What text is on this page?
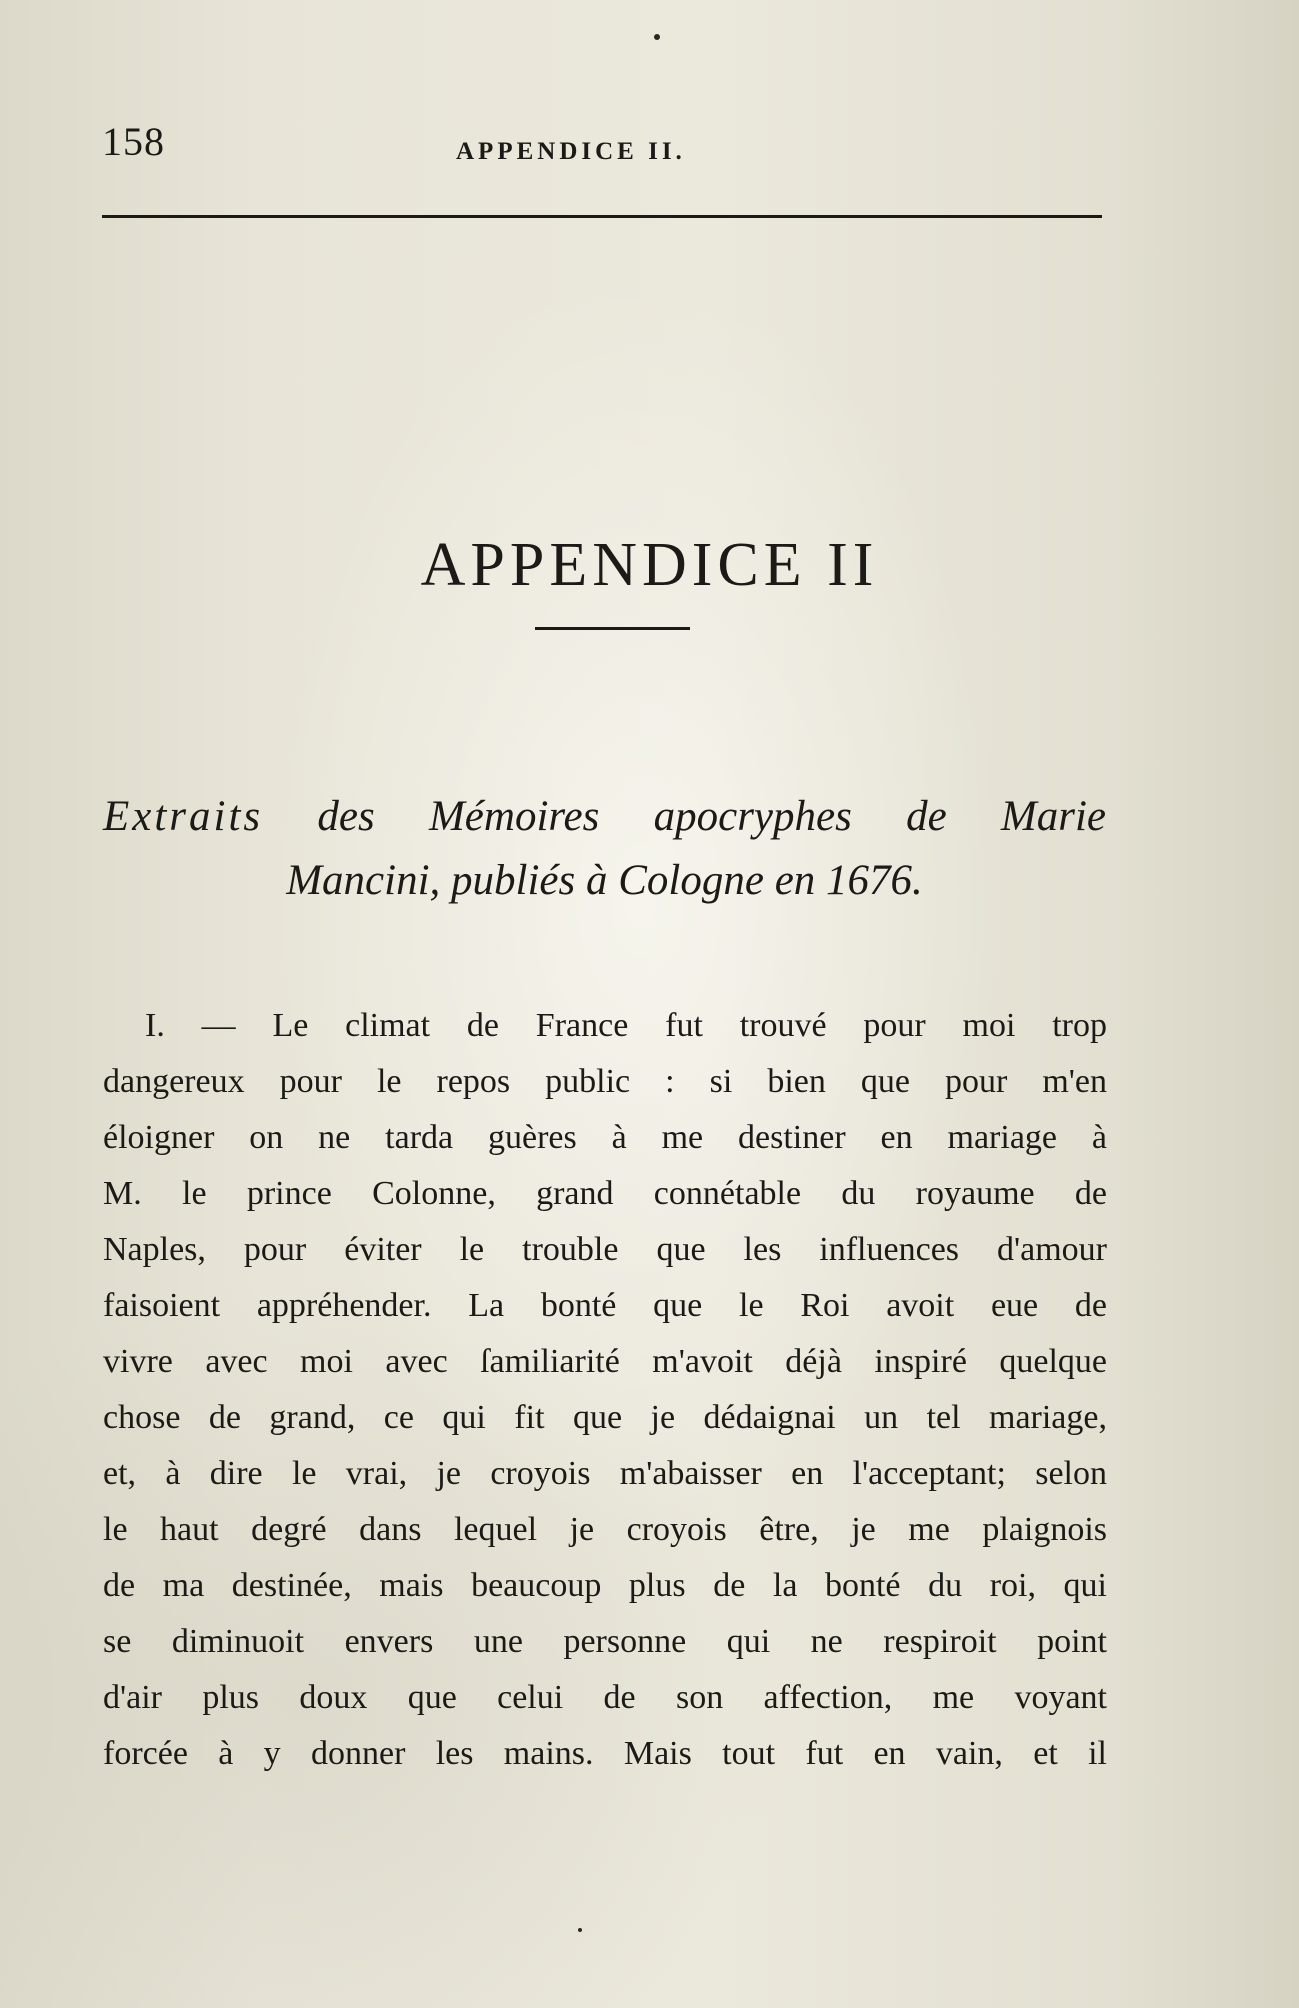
158	APPENDICE II.
APPENDICE II
Extraits des Mémoires apocryphes de Marie
Mancini, publiés à Cologne en 1676.
I. — Le climat de France fut trouvé pour moi trop
dangereux pour le repos public : si bien que pour m'en
éloigner on ne tarda guères à me destiner en mariage à
M. le prince Colonne, grand connétable du royaume de
Naples, pour éviter le trouble que les influences d'amour
faisoient appréhender. La bonté que le Roi avoit eue de
vivre avec moi avec ſamiliarité m'avoit déjà inspiré quelque
chose de grand, ce qui fit que je dédaignai un tel mariage,
et, à dire le vrai, je croyois m'abaisser en l'acceptant; selon
le haut degré dans lequel je croyois être, je me plaignois
de ma destinée, mais beaucoup plus de la bonté du roi, qui
se diminuoit envers une personne qui ne respiroit point
d'air plus doux que celui de son affection, me voyant
forcée à y donner les mains. Mais tout fut en vain, et il
